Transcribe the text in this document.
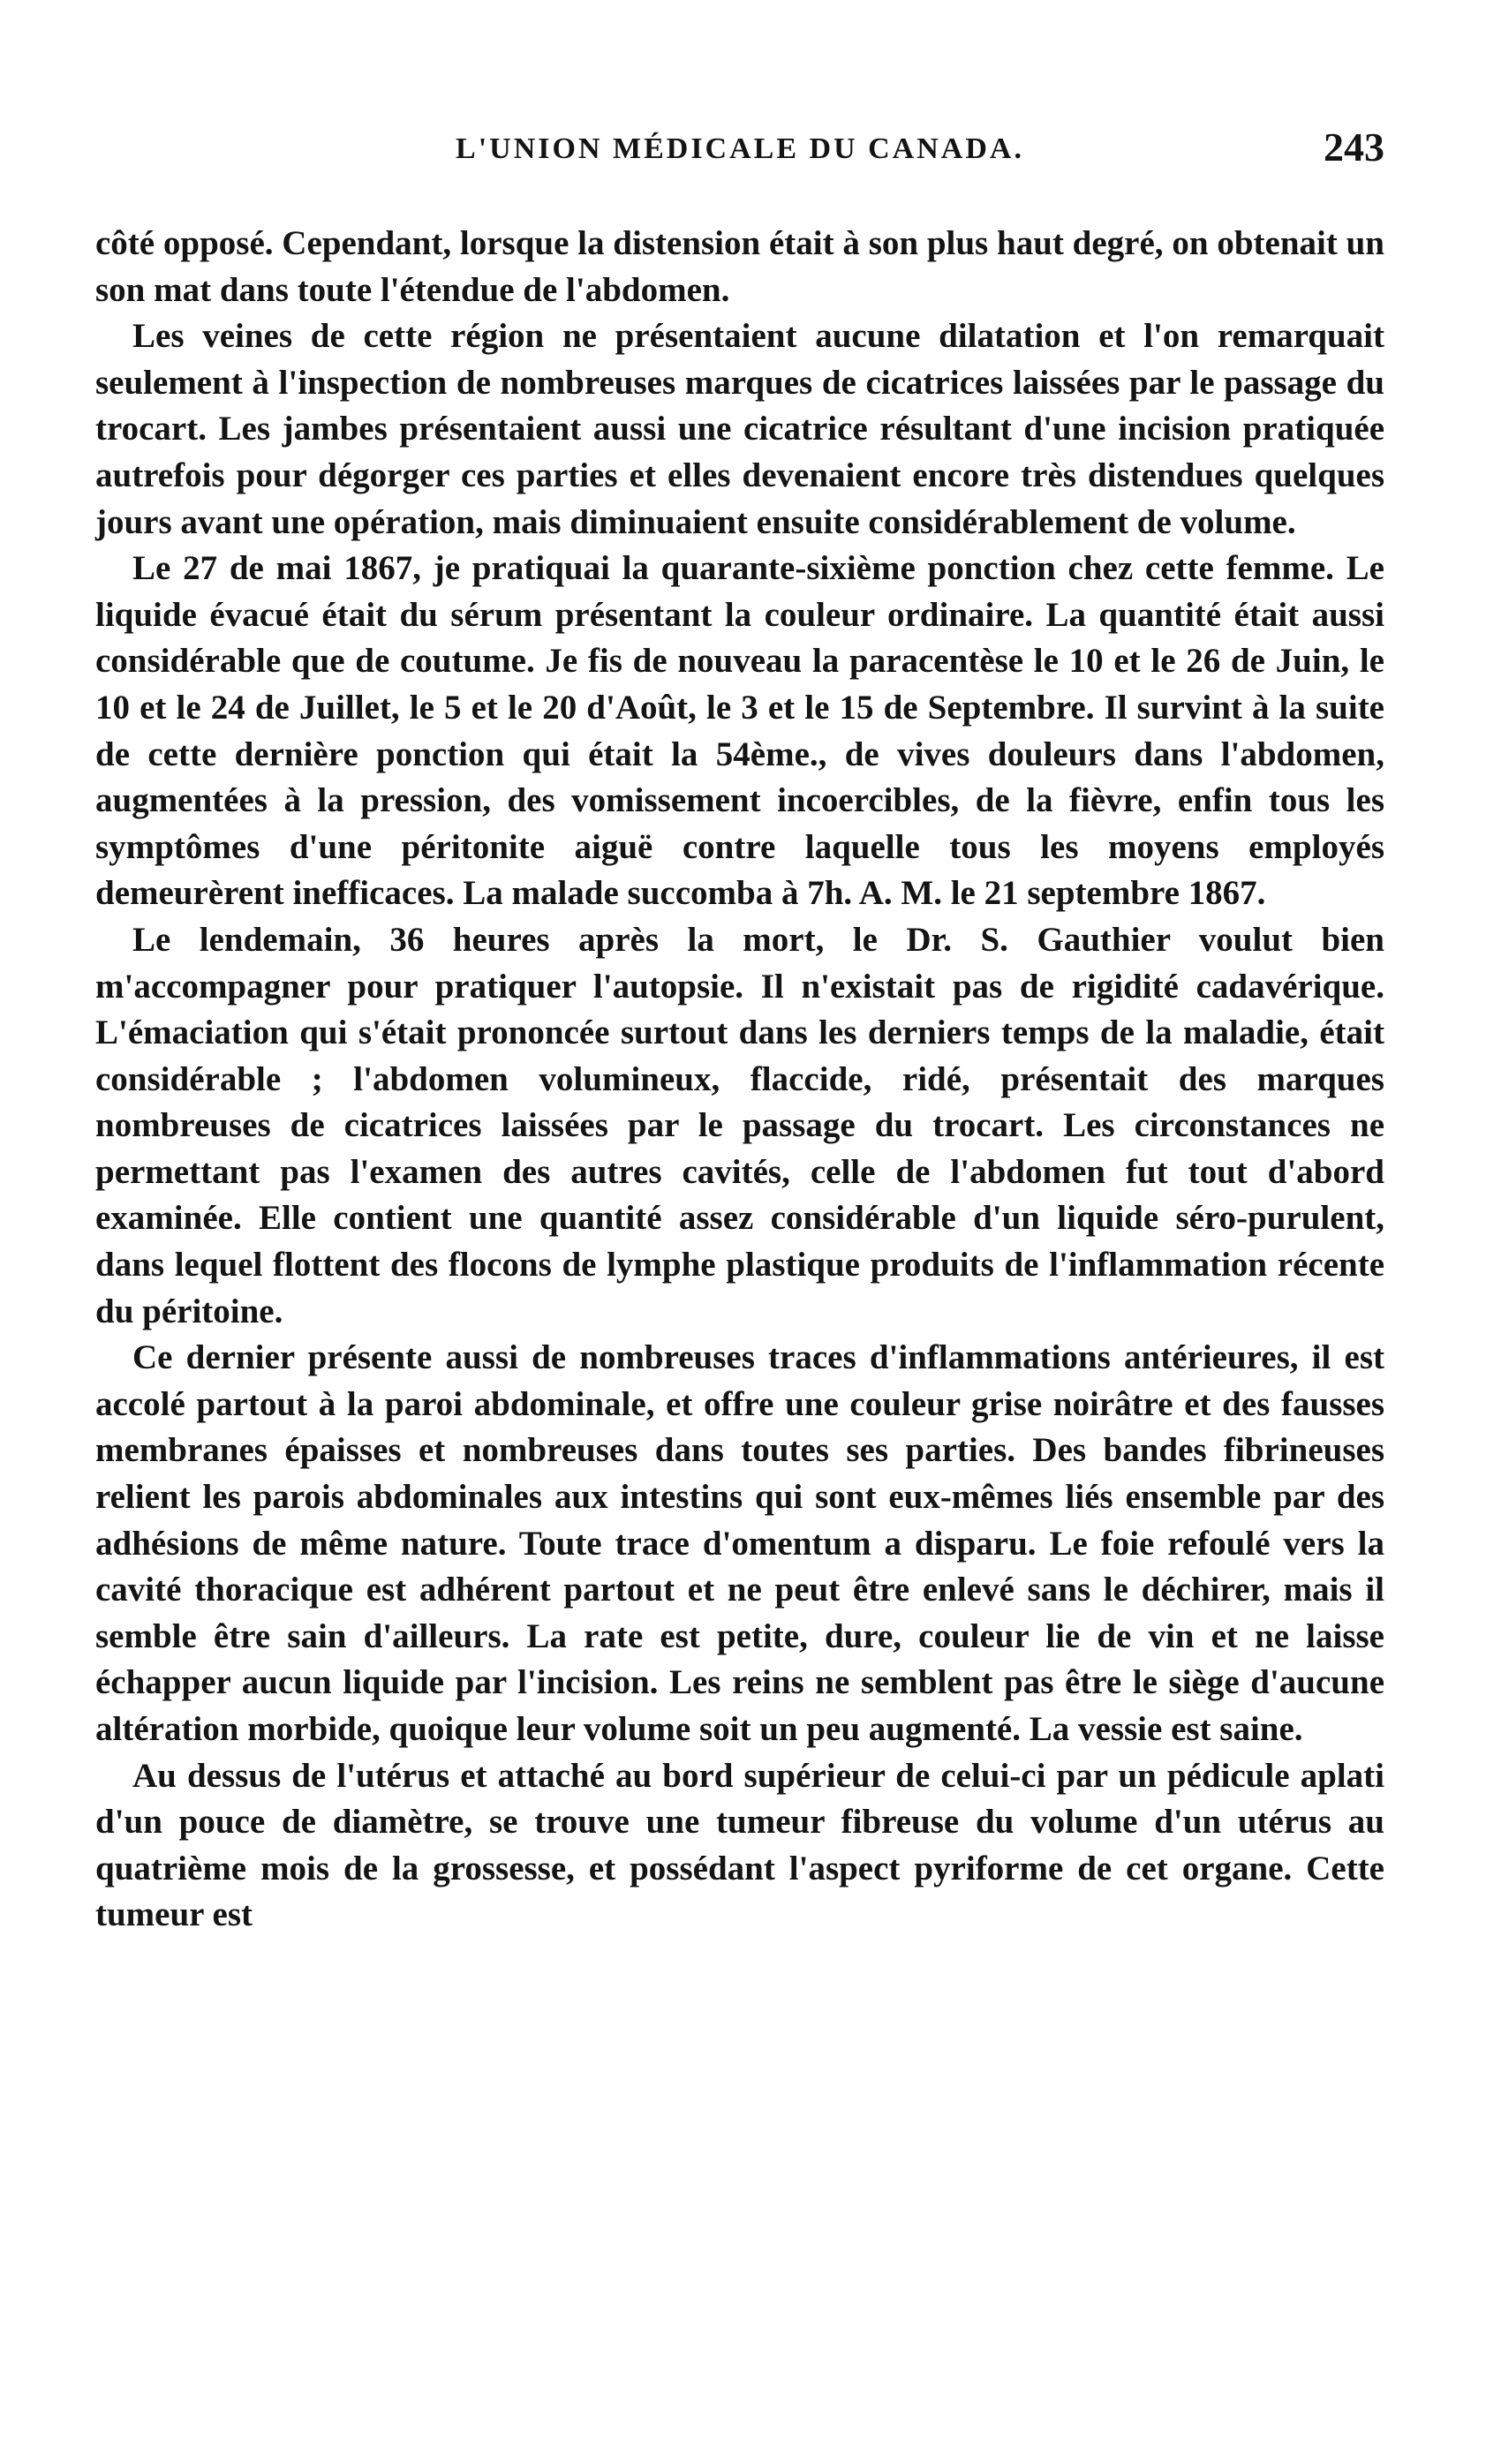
L'UNION MÉDICALE DU CANADA.	243

côté opposé. Cependant, lorsque la distension était à son plus haut degré, on obtenait un son mat dans toute l'étendue de l'abdomen.

Les veines de cette région ne présentaient aucune dilatation et l'on remarquait seulement à l'inspection de nombreuses marques de cicatrices laissées par le passage du trocart. Les jambes présentaient aussi une cicatrice résultant d'une incision pratiquée autrefois pour dégorger ces parties et elles devenaient encore très distendues quelques jours avant une opération, mais diminuaient ensuite considérablement de volume.

Le 27 de mai 1867, je pratiquai la quarante-sixième ponction chez cette femme. Le liquide évacué était du sérum présentant la couleur ordinaire. La quantité était aussi considérable que de coutume. Je fis de nouveau la paracentèse le 10 et le 26 de Juin, le 10 et le 24 de Juillet, le 5 et le 20 d'Août, le 3 et le 15 de Septembre. Il survint à la suite de cette dernière ponction qui était la 54ème., de vives douleurs dans l'abdomen, augmentées à la pression, des vomissement incoercibles, de la fièvre, enfin tous les symptômes d'une péritonite aiguë contre laquelle tous les moyens employés demeurèrent inefficaces. La malade succomba à 7h. A. M. le 21 septembre 1867.

Le lendemain, 36 heures après la mort, le Dr. S. Gauthier voulut bien m'accompagner pour pratiquer l'autopsie. Il n'existait pas de rigidité cadavérique. L'émaciation qui s'était prononcée surtout dans les derniers temps de la maladie, était considérable ; l'abdomen volumineux, flaccide, ridé, présentait des marques nombreuses de cicatrices laissées par le passage du trocart. Les circonstances ne permettant pas l'examen des autres cavités, celle de l'abdomen fut tout d'abord examinée. Elle contient une quantité assez considérable d'un liquide séro-purulent, dans lequel flottent des flocons de lymphe plastique produits de l'inflammation récente du péritoine.

Ce dernier présente aussi de nombreuses traces d'inflammations antérieures, il est accolé partout à la paroi abdominale, et offre une couleur grise noirâtre et des fausses membranes épaisses et nombreuses dans toutes ses parties. Des bandes fibrineuses relient les parois abdominales aux intestins qui sont eux-mêmes liés ensemble par des adhésions de même nature. Toute trace d'omentum a disparu. Le foie refoulé vers la cavité thoracique est adhérent partout et ne peut être enlevé sans le déchirer, mais il semble être sain d'ailleurs. La rate est petite, dure, couleur lie de vin et ne laisse échapper aucun liquide par l'incision. Les reins ne semblent pas être le siège d'aucune altération morbide, quoique leur volume soit un peu augmenté. La vessie est saine.

Au dessus de l'utérus et attaché au bord supérieur de celui-ci par un pédicule aplati d'un pouce de diamètre, se trouve une tumeur fibreuse du volume d'un utérus au quatrième mois de la grossesse, et possédant l'aspect pyriforme de cet organe. Cette tumeur est
